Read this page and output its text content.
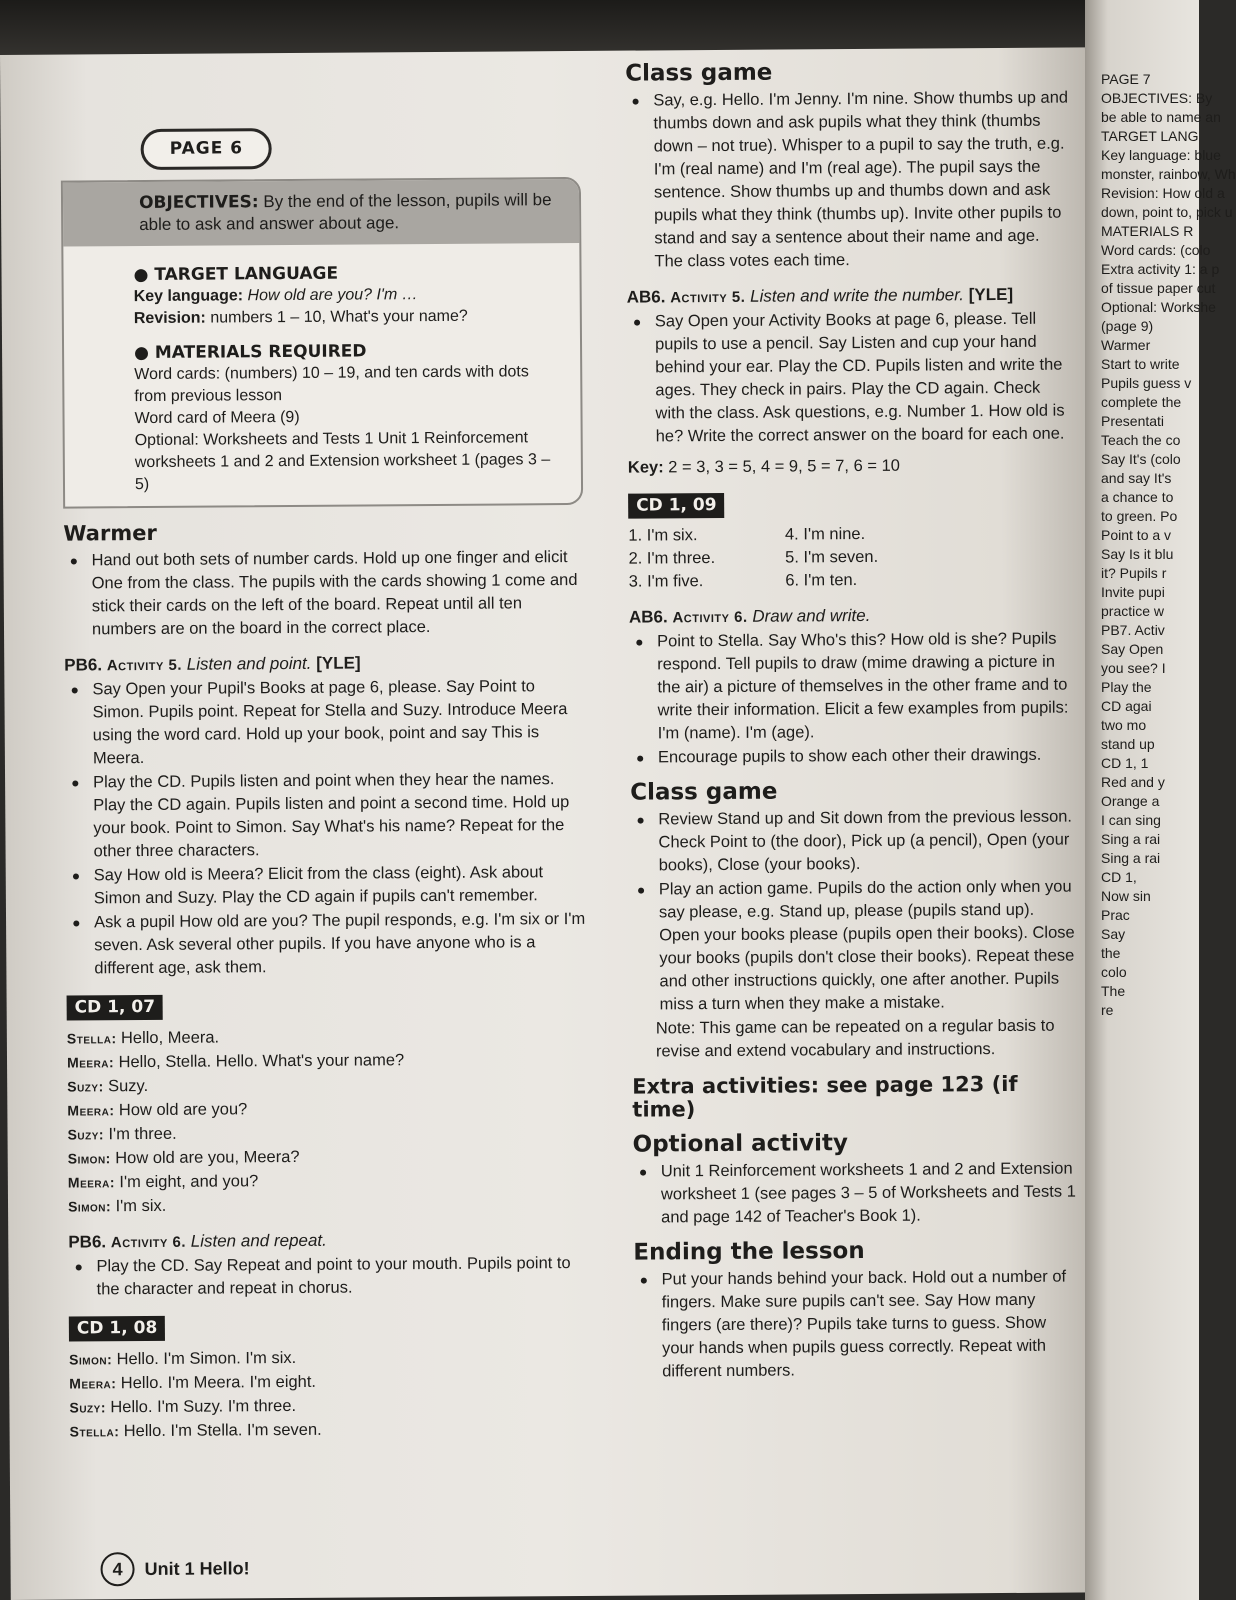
PAGE 6
OBJECTIVES: By the end of the lesson, pupils will be able to ask and answer about age.
● TARGET LANGUAGE
Key language: How old are you? I'm …
Revision: numbers 1 – 10, What's your name?
● MATERIALS REQUIRED
Word cards: (numbers) 10 – 19, and ten cards with dots from previous lesson
Word card of Meera (9)
Optional: Worksheets and Tests 1 Unit 1 Reinforcement worksheets 1 and 2 and Extension worksheet 1 (pages 3 – 5)
Warmer
● Hand out both sets of number cards. Hold up one finger and elicit One from the class. The pupils with the cards showing 1 come and stick their cards on the left of the board. Repeat until all ten numbers are on the board in the correct place.
PB6. Activity 5. Listen and point. [YLE]
● Say Open your Pupil's Books at page 6, please. Say Point to Simon. Pupils point. Repeat for Stella and Suzy. Introduce Meera using the word card. Hold up your book, point and say This is Meera.
● Play the CD. Pupils listen and point when they hear the names. Play the CD again. Pupils listen and point a second time. Hold up your book. Point to Simon. Say What's his name? Repeat for the other three characters.
● Say How old is Meera? Elicit from the class (eight). Ask about Simon and Suzy. Play the CD again if pupils can't remember.
● Ask a pupil How old are you? The pupil responds, e.g. I'm six or I'm seven. Ask several other pupils. If you have anyone who is a different age, ask them.
CD 1, 07
Stella: Hello, Meera.
Meera: Hello, Stella. Hello. What's your name?
Suzy: Suzy.
Meera: How old are you?
Suzy: I'm three.
Simon: How old are you, Meera?
Meera: I'm eight, and you?
Simon: I'm six.
PB6. Activity 6. Listen and repeat.
● Play the CD. Say Repeat and point to your mouth. Pupils point to the character and repeat in chorus.
CD 1, 08
Simon: Hello. I'm Simon. I'm six.
Meera: Hello. I'm Meera. I'm eight.
Suzy: Hello. I'm Suzy. I'm three.
Stella: Hello. I'm Stella. I'm seven.
Class game
● Say, e.g. Hello. I'm Jenny. I'm nine. Show thumbs up and thumbs down and ask pupils what they think (thumbs down – not true). Whisper to a pupil to say the truth, e.g. I'm (real name) and I'm (real age). The pupil says the sentence. Show thumbs up and thumbs down and ask pupils what they think (thumbs up). Invite other pupils to stand and say a sentence about their name and age. The class votes each time.
AB6. Activity 5. Listen and write the number. [YLE]
● Say Open your Activity Books at page 6, please. Tell pupils to use a pencil. Say Listen and cup your hand behind your ear. Play the CD. Pupils listen and write the ages. They check in pairs. Play the CD again. Check with the class. Ask questions, e.g. Number 1. How old is he? Write the correct answer on the board for each one.
Key: 2 = 3, 3 = 5, 4 = 9, 5 = 7, 6 = 10
CD 1, 09
1. I'm six.
2. I'm three.
3. I'm five.
4. I'm nine.
5. I'm seven.
6. I'm ten.
AB6. Activity 6. Draw and write.
● Point to Stella. Say Who's this? How old is she? Pupils respond. Tell pupils to draw (mime drawing a picture in the air) a picture of themselves in the other frame and to write their information. Elicit a few examples from pupils: I'm (name). I'm (age).
● Encourage pupils to show each other their drawings.
Class game
● Review Stand up and Sit down from the previous lesson. Check Point to (the door), Pick up (a pencil), Open (your books), Close (your books).
● Play an action game. Pupils do the action only when you say please, e.g. Stand up, please (pupils stand up). Open your books please (pupils open their books). Close your books (pupils don't close their books). Repeat these and other instructions quickly, one after another. Pupils miss a turn when they make a mistake.
Note: This game can be repeated on a regular basis to revise and extend vocabulary and instructions.
Extra activities: see page 123 (if time)
Optional activity
● Unit 1 Reinforcement worksheets 1 and 2 and Extension worksheet 1 (see pages 3 – 5 of Worksheets and Tests 1 and page 142 of Teacher's Book 1).
Ending the lesson
● Put your hands behind your back. Hold out a number of fingers. Make sure pupils can't see. Say How many fingers (are there)? Pupils take turns to guess. Show your hands when pupils guess correctly. Repeat with different numbers.
4	Unit 1 Hello!
PAGE 7
OBJECTIVES: By
be able to name an
TARGET LANG
Key language: blue
monster, rainbow, Wh
Revision: How old a
down, point to, pick u
MATERIALS R
Word cards: (colo
Extra activity 1: a p
of tissue paper cut
Optional: Workshe
(page 9)
Warmer
Start to write
Pupils guess v
complete the
Presentati
Teach the co
Say It's (colo
and say It's
a chance to
to green. Po
Point to a v
Say Is it blu
it? Pupils r
Invite pupi
practice w
PB7. Activ
Say Open
you see? I
Play the
CD agai
two mo
stand up
CD 1, 1
Red and y
Orange a
I can sing
Sing a rai
Sing a rai
CD 1,
Now sin
Prac
Say
the
colo
The
re
